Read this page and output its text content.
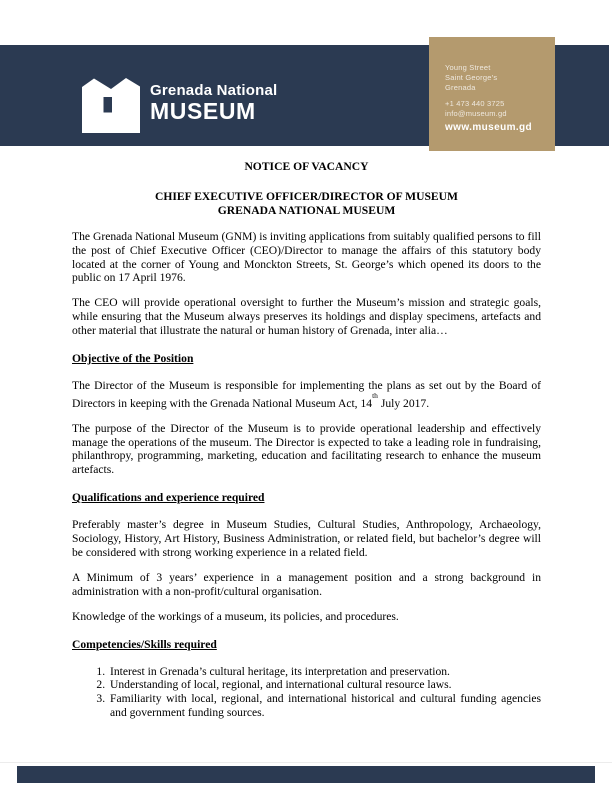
Grenada National
MUSEUM
Young Street
Saint George’s
Grenada
+1 473 440 3725
info@museum.gd
www.museum.gd
NOTICE OF VACANCY
CHIEF EXECUTIVE OFFICER/DIRECTOR OF MUSEUM
GRENADA NATIONAL MUSEUM

The Grenada National Museum (GNM) is inviting applications from suitably qualified persons to fill the post of Chief Executive Officer (CEO)/Director to manage the affairs of this statutory body located at the corner of Young and Monckton Streets, St. George’s which opened its doors to the public on 17 April 1976.

The CEO will provide operational oversight to further the Museum’s mission and strategic goals, while ensuring that the Museum always preserves its holdings and display specimens, artefacts and other material that illustrate the natural or human history of Grenada, inter alia…

Objective of the Position

The Director of the Museum is responsible for implementing the plans as set out by the Board of Directors in keeping with the Grenada National Museum Act, 14th July 2017.

The purpose of the Director of the Museum is to provide operational leadership and effectively manage the operations of the museum. The Director is expected to take a leading role in fundraising, philanthropy, programming, marketing, education and facilitating research to enhance the museum artefacts.

Qualifications and experience required

Preferably master’s degree in Museum Studies, Cultural Studies, Anthropology, Archaeology, Sociology, History, Art History, Business Administration, or related field, but bachelor’s degree will be considered with strong working experience in a related field.

A Minimum of 3 years’ experience in a management position and a strong background in administration with a non-profit/cultural organisation.

Knowledge of the workings of a museum, its policies, and procedures.

Competencies/Skills required
1. Interest in Grenada’s cultural heritage, its interpretation and preservation.
2. Understanding of local, regional, and international cultural resource laws.
3. Familiarity with local, regional, and international historical and cultural funding agencies and government funding sources.
